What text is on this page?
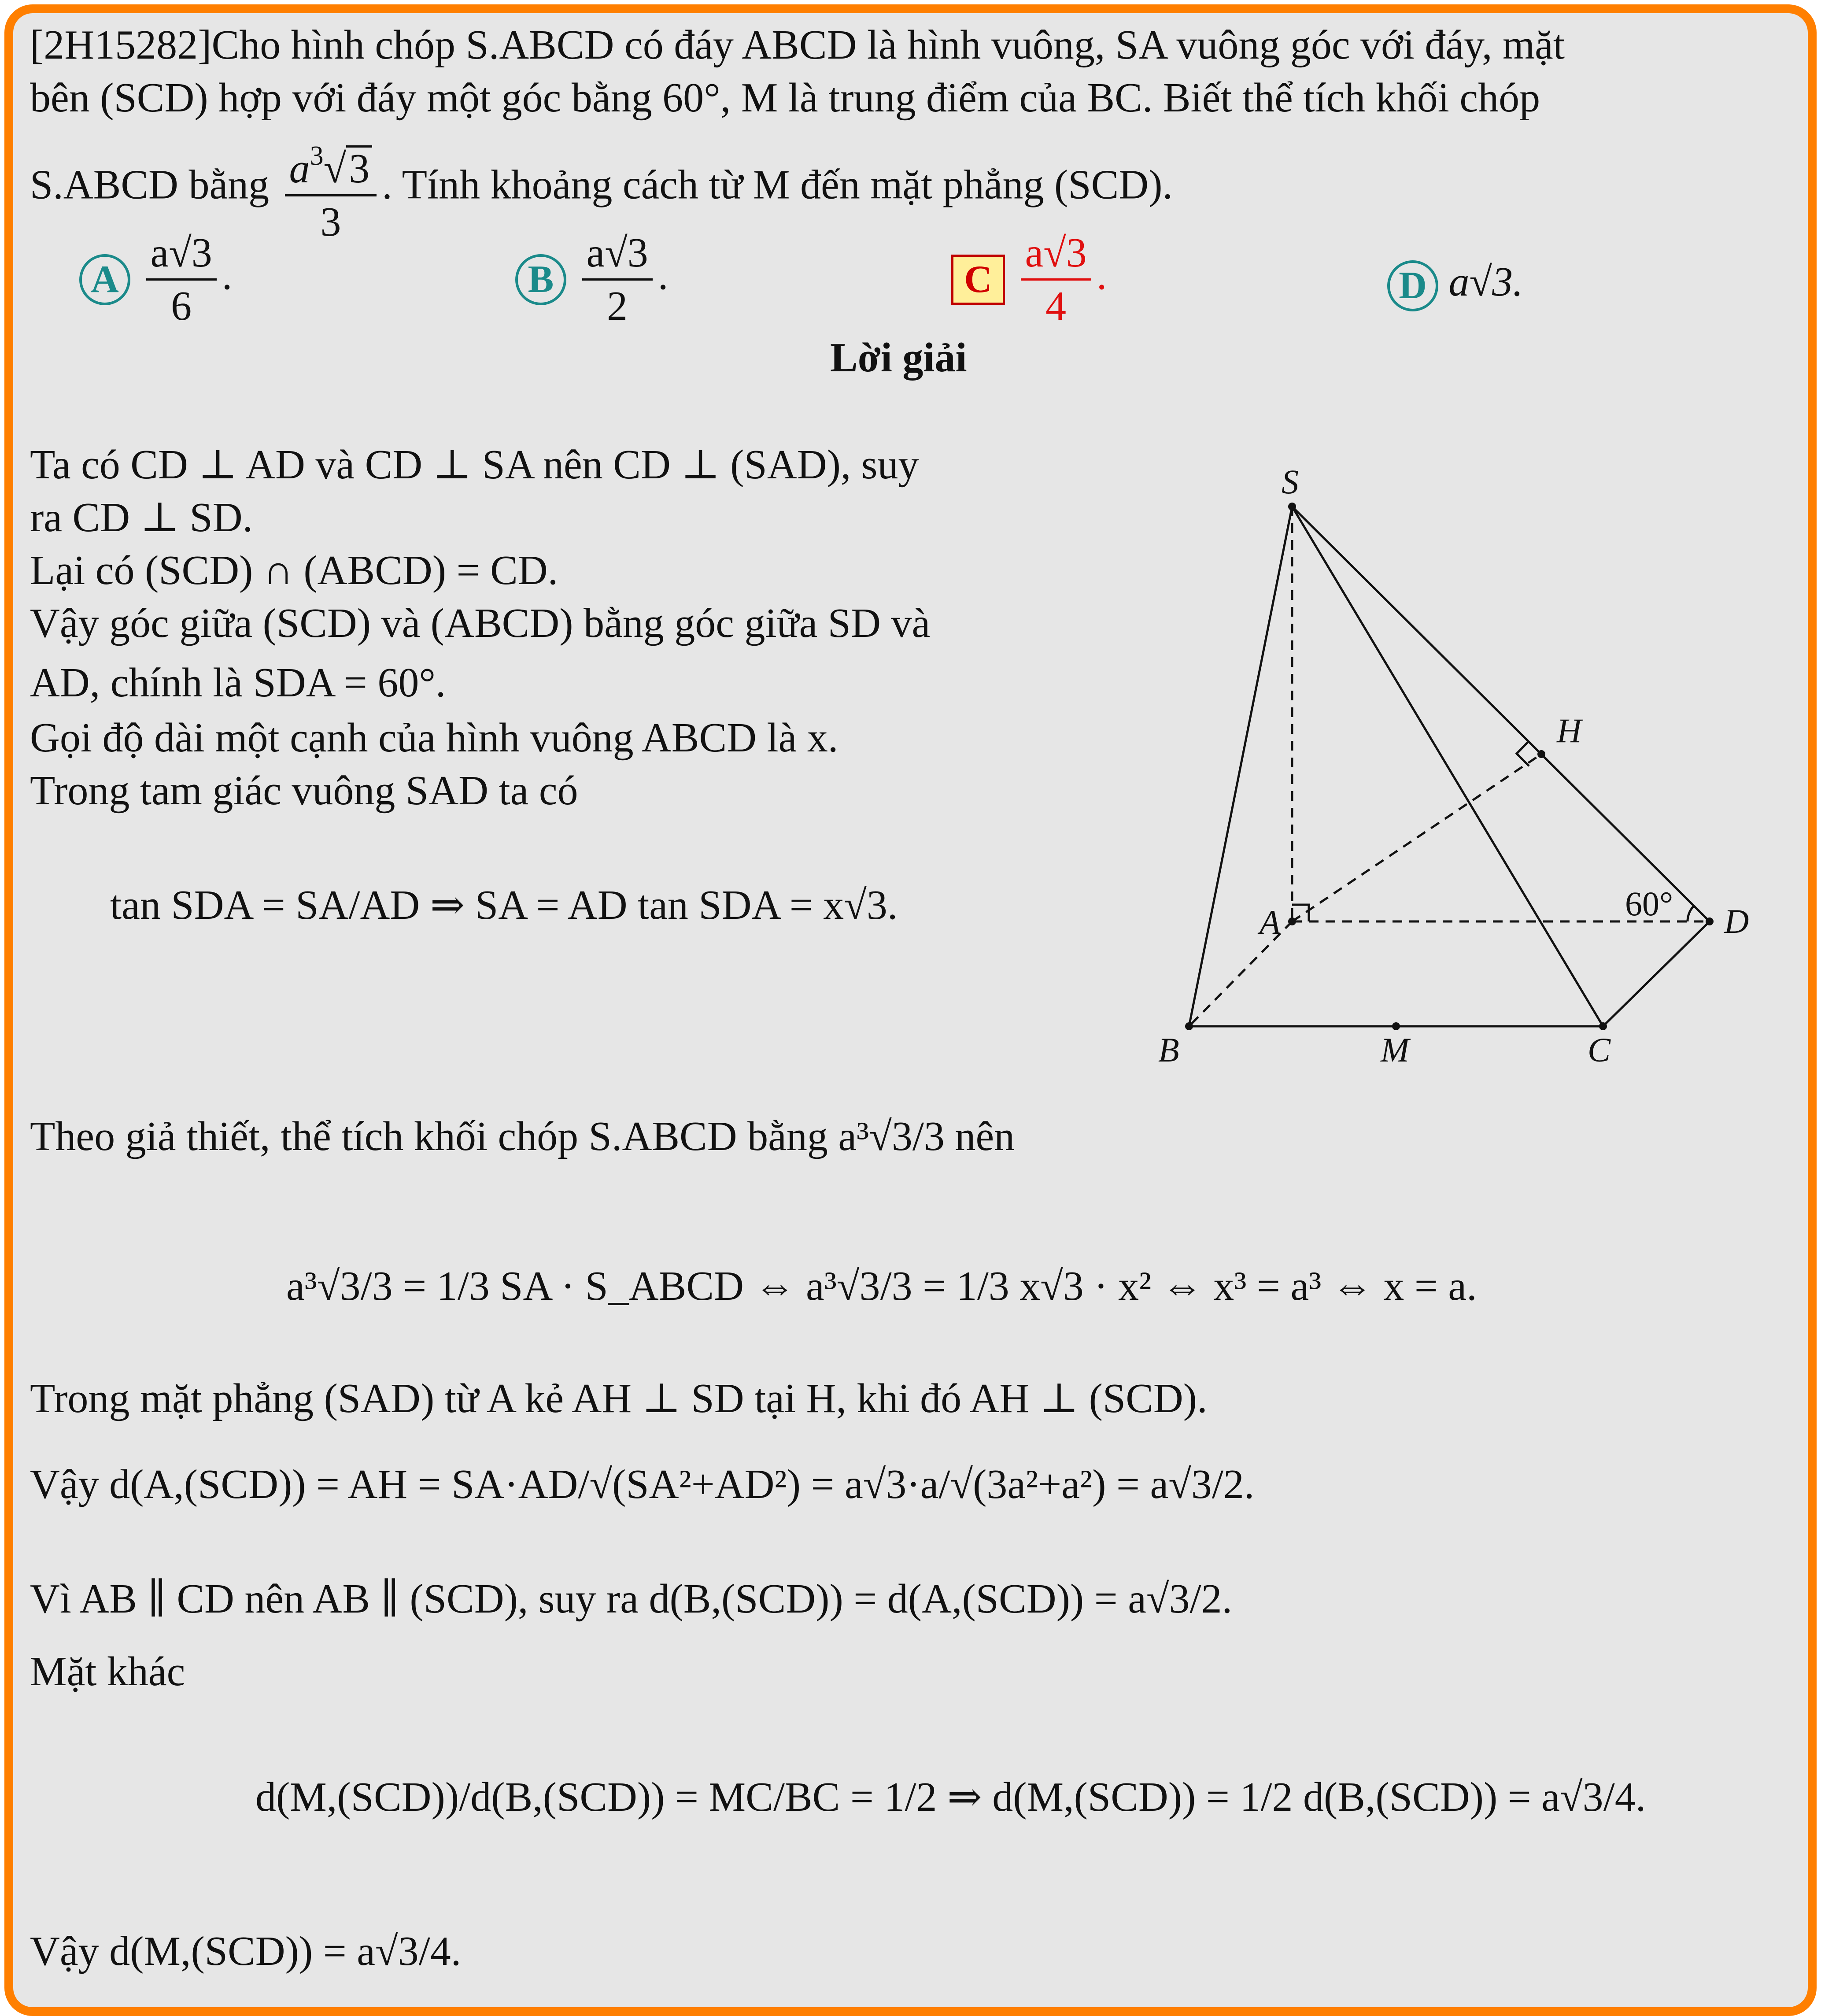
[2H15282]Cho hình chóp S.ABCD có đáy ABCD là hình vuông, SA vuông góc với đáy, mặt
bên (SCD) hợp với đáy một góc bằng 60°, M là trung điểm của BC. Biết thể tích khối chóp
S.ABCD bằng $\frac{a^3√3}{3}$ . Tính khoảng cách từ M đến mặt phẳng (SCD).
A $\frac{a√3}{6}$ .	B $\frac{a√3}{2}$ .	C $\frac{a√3}{4}$ .	D a√3.
Lời giải
Ta có CD ⊥ AD và CD ⊥ SA nên CD ⊥ (SAD), suy
ra CD ⊥ SD.
Lại có (SCD) ∩ (ABCD) = CD.
Vậy góc giữa (SCD) và (ABCD) bằng góc giữa SD và
AD, chính là SDA = 60°.
Gọi độ dài một cạnh của hình vuông ABCD là x.
Trong tam giác vuông SAD ta có
tan SDA = SA/AD ⇒ SA = AD tan SDA = x√3.
S
H
A	D
B	M	C
60°
Theo giả thiết, thể tích khối chóp S.ABCD bằng a³√3/3 nên
a³√3/3 = 1/3 SA · S_ABCD ⇔ a³√3/3 = 1/3 x√3 · x² ⇔ x³ = a³ ⇔ x = a.
Trong mặt phẳng (SAD) từ A kẻ AH ⊥ SD tại H, khi đó AH ⊥ (SCD).
Vậy d(A,(SCD)) = AH = SA·AD/√(SA²+AD²) = a√3·a/√(3a²+a²) = a√3/2.
Vì AB ∥ CD nên AB ∥ (SCD), suy ra d(B,(SCD)) = d(A,(SCD)) = a√3/2.
Mặt khác
d(M,(SCD))/d(B,(SCD)) = MC/BC = 1/2 ⇒ d(M,(SCD)) = 1/2 d(B,(SCD)) = a√3/4.
Vậy d(M,(SCD)) = a√3/4.
